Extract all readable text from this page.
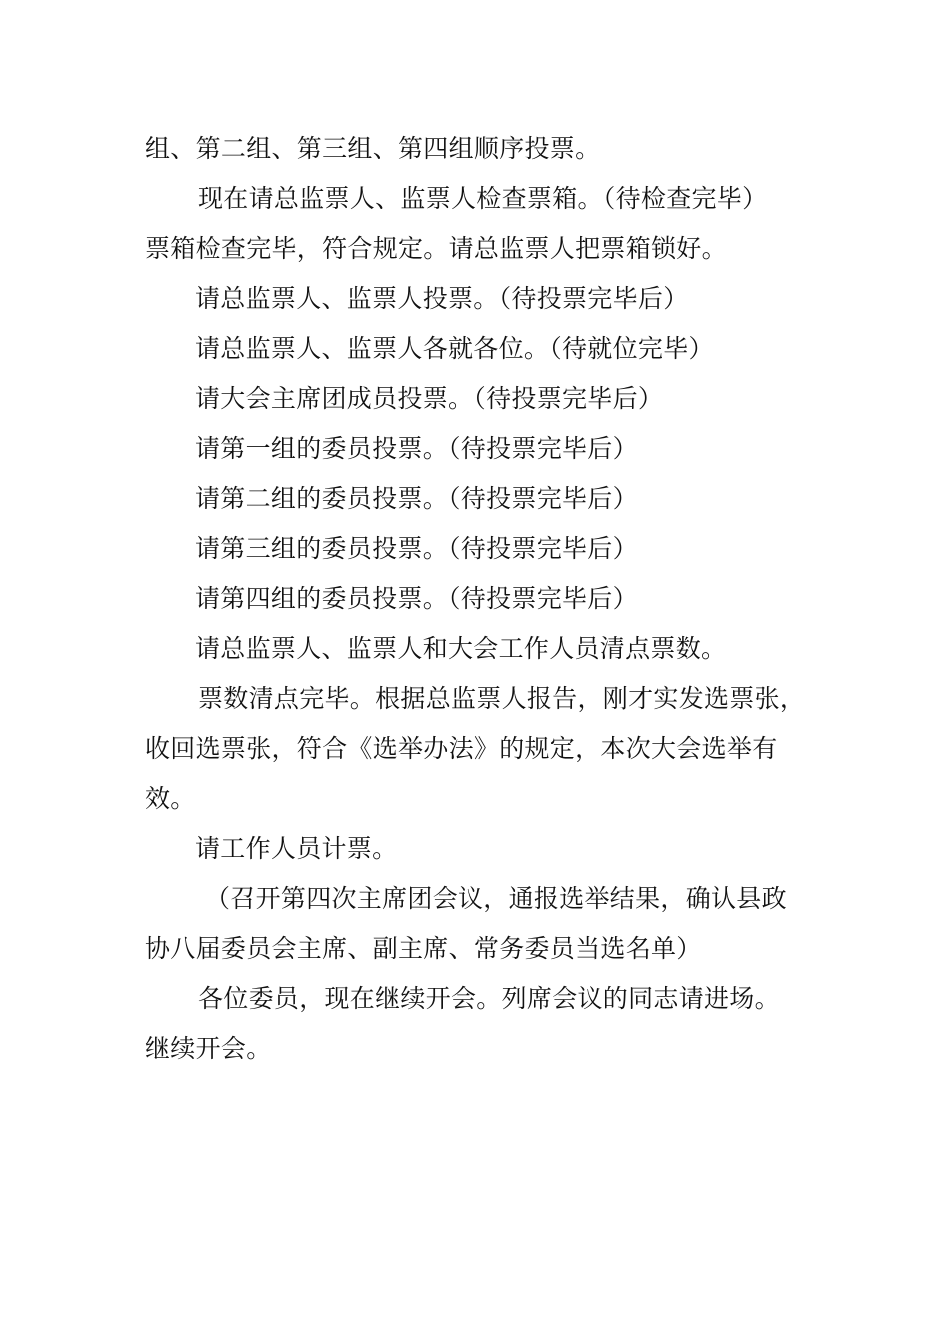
组、第二组、第三组、第四组顺序投票。
现在请总监票人、监票人检查票箱。（待检查完毕）
票箱检查完毕，符合规定。请总监票人把票箱锁好。
请总监票人、监票人投票。（待投票完毕后）
请总监票人、监票人各就各位。（待就位完毕）
请大会主席团成员投票。（待投票完毕后）
请第一组的委员投票。（待投票完毕后）
请第二组的委员投票。（待投票完毕后）
请第三组的委员投票。（待投票完毕后）
请第四组的委员投票。（待投票完毕后）
请总监票人、监票人和大会工作人员清点票数。
票数清点完毕。根据总监票人报告，刚才实发选票张，
收回选票张，符合《选举办法》的规定，本次大会选举有
效。
请工作人员计票。
（召开第四次主席团会议，通报选举结果，确认县政
协八届委员会主席、副主席、常务委员当选名单）
各位委员，现在继续开会。列席会议的同志请进场。
继续开会。
